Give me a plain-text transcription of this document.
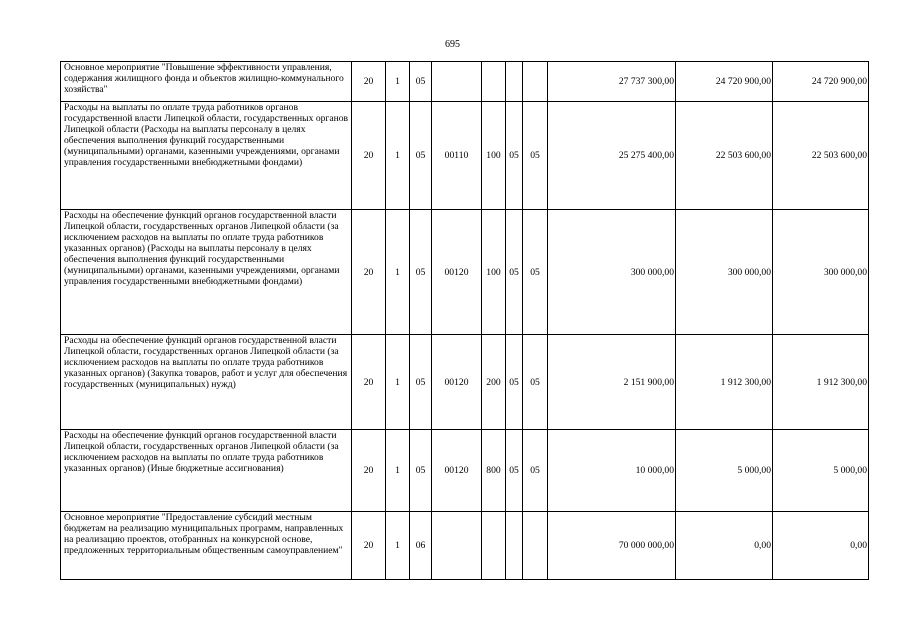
695
Основное мероприятие "Повышение эффективности управления, содержания жилищного фонда и объектов жилищно-коммунального хозяйства"	20	1	05					27 737 300,00	24 720 900,00	24 720 900,00
Расходы на выплаты по оплате труда работников органов государственной власти Липецкой области, государственных органов Липецкой области (Расходы на выплаты персоналу в целях обеспечения выполнения функций государственными (муниципальными) органами, казенными учреждениями, органами управления государственными внебюджетными фондами)	20	1	05	00110	100	05	05	25 275 400,00	22 503 600,00	22 503 600,00
Расходы на обеспечение функций органов государственной власти Липецкой области, государственных органов Липецкой области (за исключением расходов на выплаты по оплате труда работников указанных органов) (Расходы на выплаты персоналу в целях обеспечения выполнения функций государственными (муниципальными) органами, казенными учреждениями, органами управления государственными внебюджетными фондами)	20	1	05	00120	100	05	05	300 000,00	300 000,00	300 000,00
Расходы на обеспечение функций органов государственной власти Липецкой области, государственных органов Липецкой области (за исключением расходов на выплаты по оплате труда работников указанных органов) (Закупка товаров, работ и услуг для обеспечения государственных (муниципальных) нужд)	20	1	05	00120	200	05	05	2 151 900,00	1 912 300,00	1 912 300,00
Расходы на обеспечение функций органов государственной власти Липецкой области, государственных органов Липецкой области (за исключением расходов на выплаты по оплате труда работников указанных органов) (Иные бюджетные ассигнования)	20	1	05	00120	800	05	05	10 000,00	5 000,00	5 000,00
Основное мероприятие "Предоставление субсидий местным бюджетам на реализацию муниципальных программ, направленных на реализацию проектов, отобранных на конкурсной основе, предложенных территориальным общественным самоуправлением"	20	1	06					70 000 000,00	0,00	0,00
